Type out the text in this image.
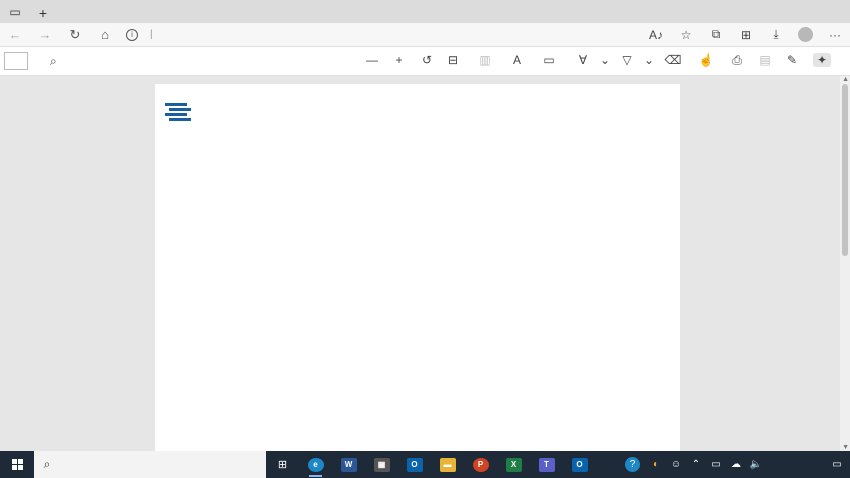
▭	+
←	→	↻	⌂	i	|	A♪	☆	⧉	⊞	⤓	···
⌕	—	+	↺	⊟	▥	A	▭	∀	⌄	▽	⌄ ⌫ ☝	⎙	▤	✎	✦

▲
▼
⌕	⊞	e	W	▦	O	▬	P	X	T	O	?	◐	☺	⌃	▭	☁ 🔈	▭
